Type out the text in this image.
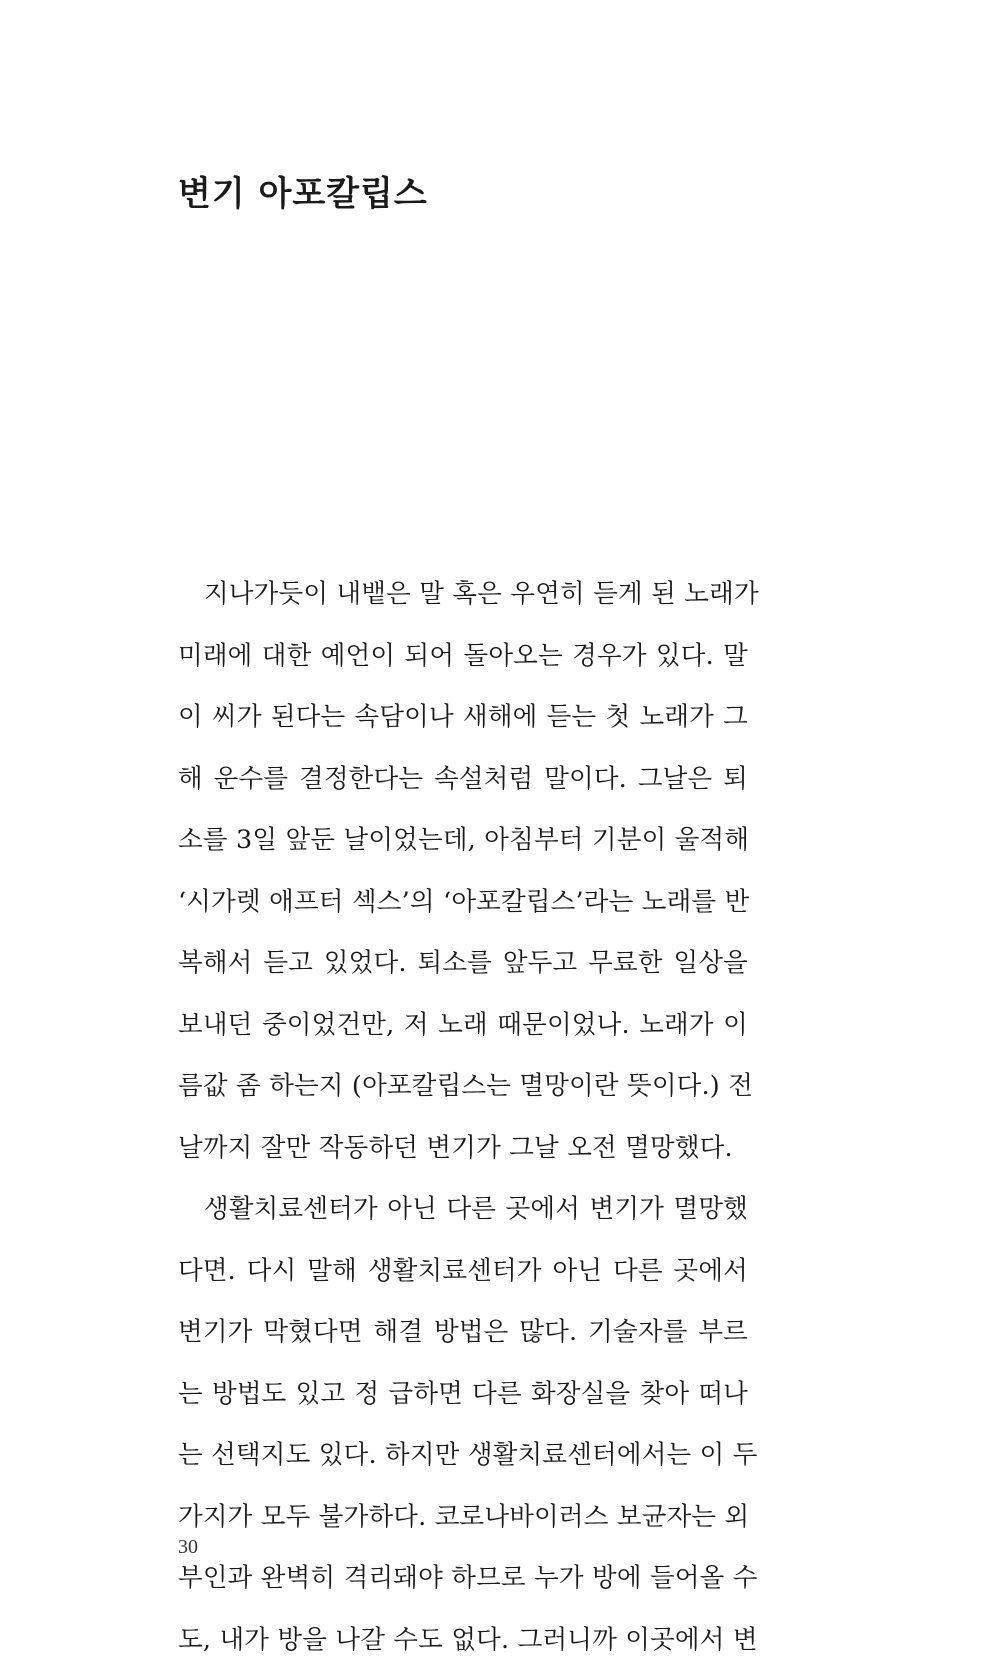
변기 아포칼립스
지나가듯이 내뱉은 말 혹은 우연히 듣게 된 노래가
미래에 대한 예언이 되어 돌아오는 경우가 있다. 말
이 씨가 된다는 속담이나 새해에 듣는 첫 노래가 그
해 운수를 결정한다는 속설처럼 말이다. 그날은 퇴
소를 3일 앞둔 날이었는데, 아침부터 기분이 울적해
‘시가렛 애프터 섹스’의 ‘아포칼립스’라는 노래를 반
복해서 듣고 있었다. 퇴소를 앞두고 무료한 일상을
보내던 중이었건만, 저 노래 때문이었나. 노래가 이
름값 좀 하는지 (아포칼립스는 멸망이란 뜻이다.) 전
날까지 잘만 작동하던 변기가 그날 오전 멸망했다.
생활치료센터가 아닌 다른 곳에서 변기가 멸망했
다면. 다시 말해 생활치료센터가 아닌 다른 곳에서
변기가 막혔다면 해결 방법은 많다. 기술자를 부르
는 방법도 있고 정 급하면 다른 화장실을 찾아 떠나
는 선택지도 있다. 하지만 생활치료센터에서는 이 두
가지가 모두 불가하다. 코로나바이러스 보균자는 외
부인과 완벽히 격리돼야 하므로 누가 방에 들어올 수
도, 내가 방을 나갈 수도 없다. 그러니까 이곳에서 변
30
